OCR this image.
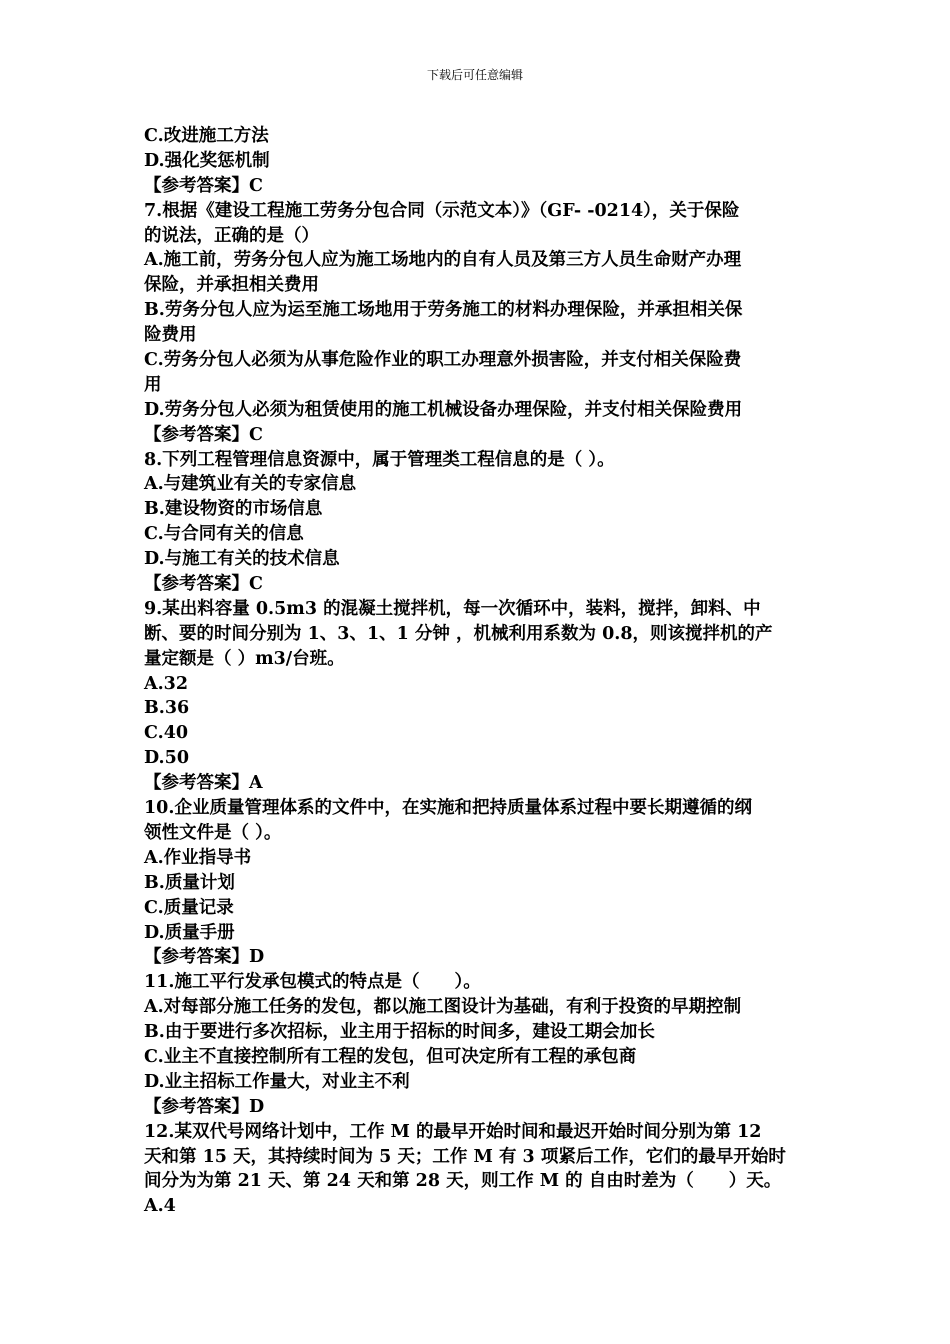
下载后可任意编辑
C.改进施工方法
D.强化奖惩机制
【参考答案】C
7.根据《建设工程施工劳务分包合同（示范文本）》（GF- -0214），关于保险
的说法，正确的是（）
A.施工前，劳务分包人应为施工场地内的自有人员及第三方人员生命财产办理
保险，并承担相关费用
B.劳务分包人应为运至施工场地用于劳务施工的材料办理保险，并承担相关保
险费用
C.劳务分包人必须为从事危险作业的职工办理意外损害险，并支付相关保险费
用
D.劳务分包人必须为租赁使用的施工机械设备办理保险，并支付相关保险费用
【参考答案】C
8.下列工程管理信息资源中，属于管理类工程信息的是（ ）。
A.与建筑业有关的专家信息
B.建设物资的市场信息
C.与合同有关的信息
D.与施工有关的技术信息
【参考答案】C
9.某出料容量 0.5m3 的混凝土搅拌机，每一次循环中，装料，搅拌，卸料、中
断、要的时间分别为 1、3、1、1 分钟 ，机械利用系数为 0.8，则该搅拌机的产
量定额是（ ）m3/台班。
A.32
B.36
C.40
D.50
【参考答案】A
10.企业质量管理体系的文件中，在实施和把持质量体系过程中要长期遵循的纲
领性文件是（ ）。
A.作业指导书
B.质量计划
C.质量记录
D.质量手册
【参考答案】D
11.施工平行发承包模式的特点是（　　）。
A.对每部分施工任务的发包，都以施工图设计为基础，有利于投资的早期控制
B.由于要进行多次招标，业主用于招标的时间多，建设工期会加长
C.业主不直接控制所有工程的发包，但可决定所有工程的承包商
D.业主招标工作量大，对业主不利
【参考答案】D
12.某双代号网络计划中，工作 M 的最早开始时间和最迟开始时间分别为第 12
天和第 15 天，其持续时间为 5 天；工作 M 有 3 项紧后工作，它们的最早开始时
间分为为第 21 天、第 24 天和第 28 天，则工作 M 的 自由时差为（　　）天。
A.4
